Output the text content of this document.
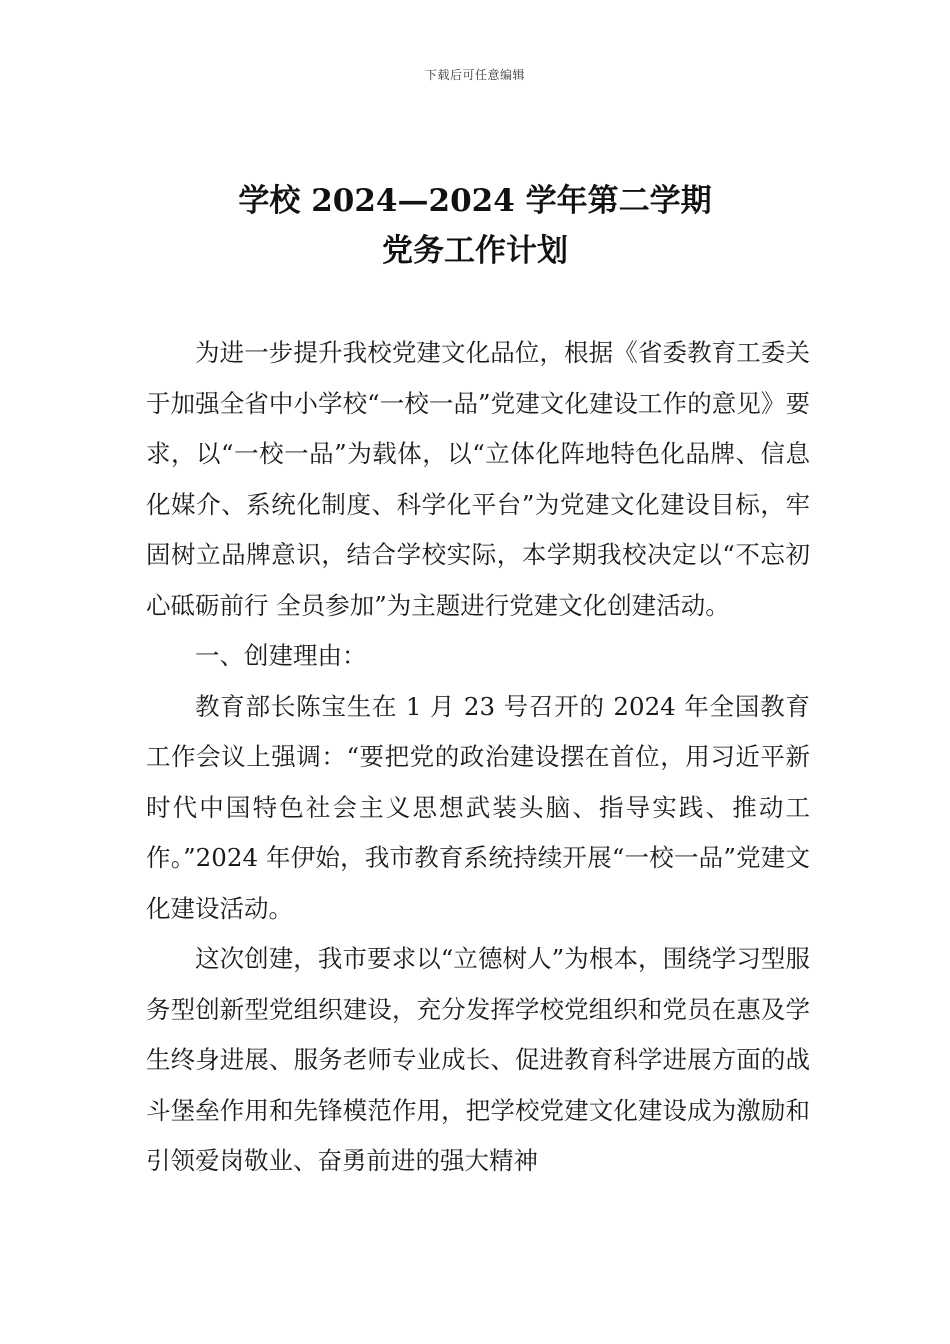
下载后可任意编辑
学校 2024—2024 学年第二学期
党务工作计划

为进一步提升我校党建文化品位，根据《省委教育工委关于加强全省中小学校“一校一品”党建文化建设工作的意见》要求，以“一校一品”为载体，以“立体化阵地特色化品牌、信息化媒介、系统化制度、科学化平台”为党建文化建设目标，牢固树立品牌意识，结合学校实际，本学期我校决定以“不忘初心砥砺前行 全员参加”为主题进行党建文化创建活动。

一、创建理由：

教育部长陈宝生在 1 月 23 号召开的 2024 年全国教育工作会议上强调：“要把党的政治建设摆在首位，用习近平新时代中国特色社会主义思想武装头脑、指导实践、推动工作。”2024 年伊始，我市教育系统持续开展“一校一品”党建文化建设活动。

这次创建，我市要求以“立德树人”为根本，围绕学习型服务型创新型党组织建设，充分发挥学校党组织和党员在惠及学生终身进展、服务老师专业成长、促进教育科学进展方面的战斗堡垒作用和先锋模范作用，把学校党建文化建设成为激励和引领爱岗敬业、奋勇前进的强大精神
